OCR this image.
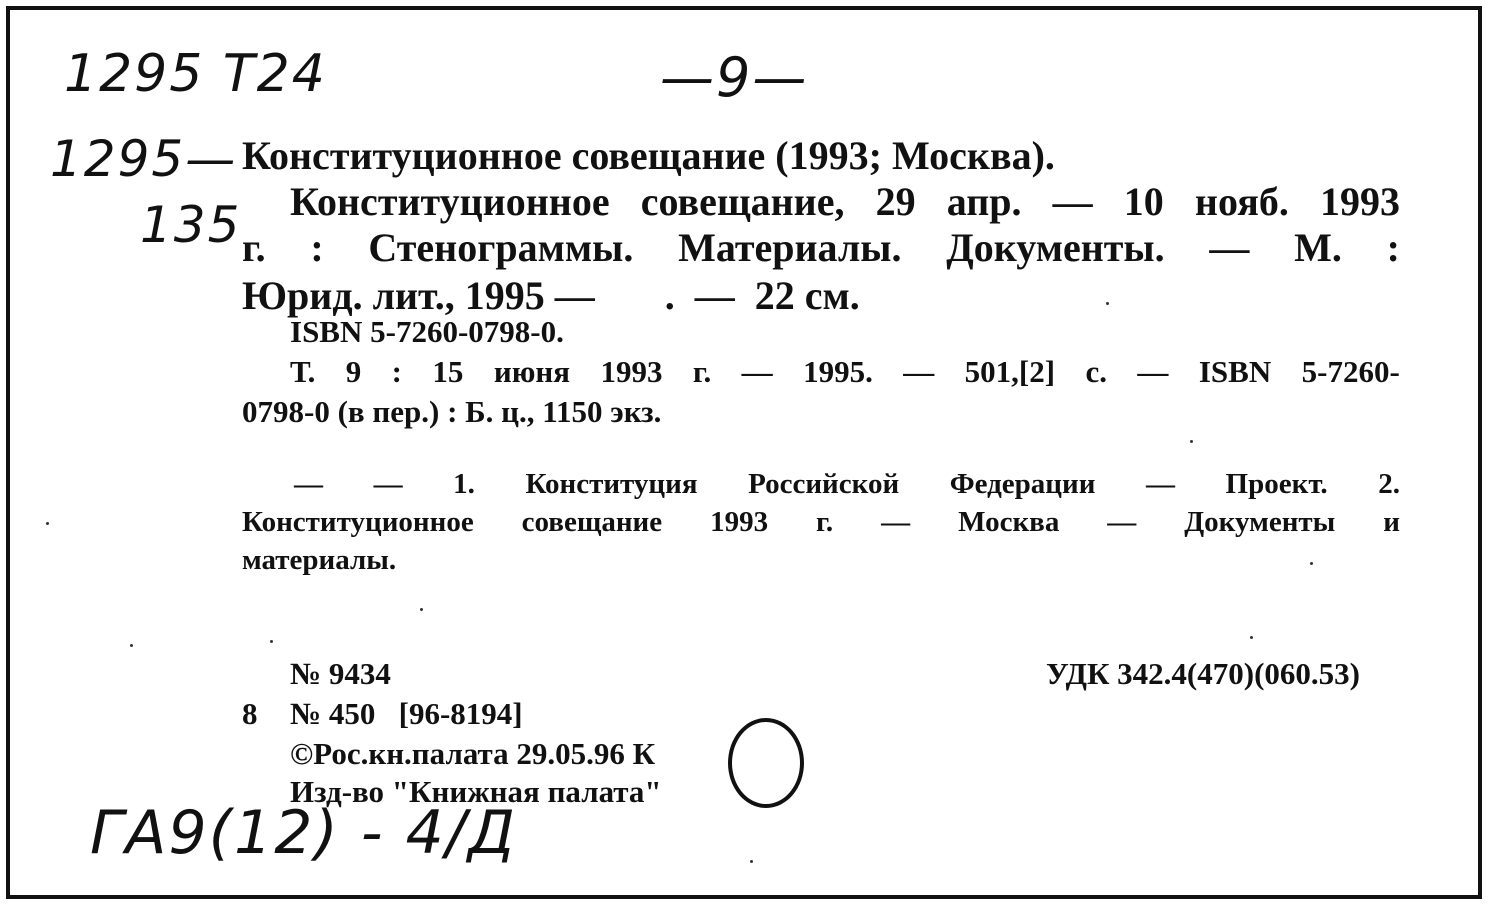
1295 T24	—9—
1295—
135
ГА9(12) - 4/Д
Конституционное совещание (1993; Москва).
Конституционное совещание, 29 апр. — 10 нояб. 1993
г. : Стенограммы. Материалы. Документы. — М. :
Юрид. лит., 1995 —       .  —  22 см.
ISBN 5-7260-0798-0.
Т. 9 : 15 июня 1993 г. — 1995. — 501,[2] с. — ISBN 5-7260-
0798-0 (в пер.) : Б. ц., 1150 экз.
— — 1. Конституция Российской Федерации — Проект. 2.
Конституционное совещание 1993 г. — Москва — Документы и
материалы.
№ 9434	УДК 342.4(470)(060.53)
8 № 450   [96-8194]
©Рос.кн.палата 29.05.96 К
Изд-во "Книжная палата"
